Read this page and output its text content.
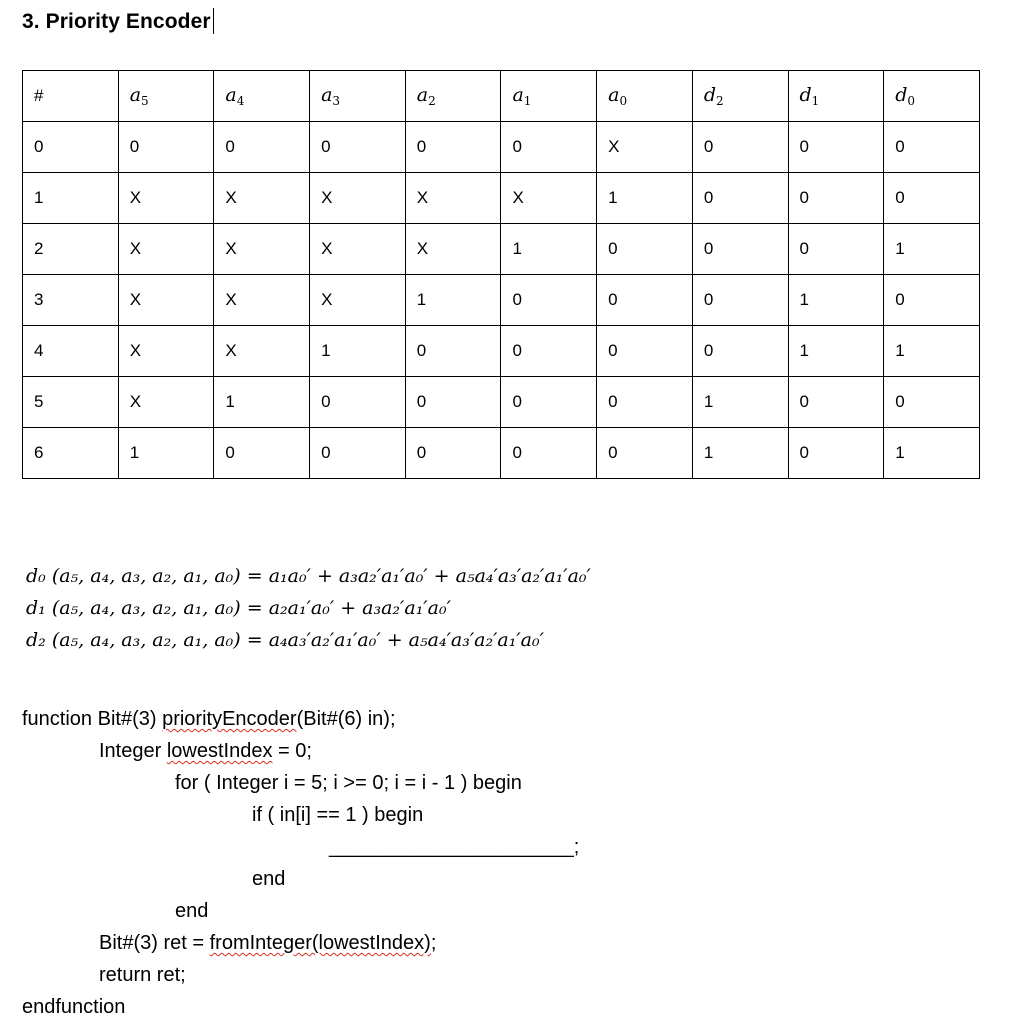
3. Priority Encoder
#	$a_5$	$a_4$	$a_3$	$a_2$	$a_1$	$a_0$	$d_2$	$d_1$	$d_0$
0	0	0	0	0	0	X	0	0	0
1	X	X	X	X	X	1	0	0	0
2	X	X	X	X	1	0	0	0	1
3	X	X	X	1	0	0	0	1	0
4	X	X	1	0	0	0	0	1	1
5	X	1	0	0	0	0	1	0	0
6	1	0	0	0	0	0	1	0	1
d₀ (a₅, a₄, a₃, a₂, a₁, a₀) = a₁a₀′ + a₃a₂′a₁′a₀′ + a₅a₄′a₃′a₂′a₁′a₀′
d₁ (a₅, a₄, a₃, a₂, a₁, a₀) = a₂a₁′a₀′ + a₃a₂′a₁′a₀′
d₂ (a₅, a₄, a₃, a₂, a₁, a₀) = a₄a₃′a₂′a₁′a₀′ + a₅a₄′a₃′a₂′a₁′a₀′
function Bit#(3) priorityEncoder(Bit#(6) in);
Integer lowestIndex = 0;
for ( Integer i = 5; i >= 0; i = i - 1 ) begin
if ( in[i] == 1 ) begin
______________________;
end
end
Bit#(3) ret = fromInteger(lowestIndex);
return ret;
endfunction
